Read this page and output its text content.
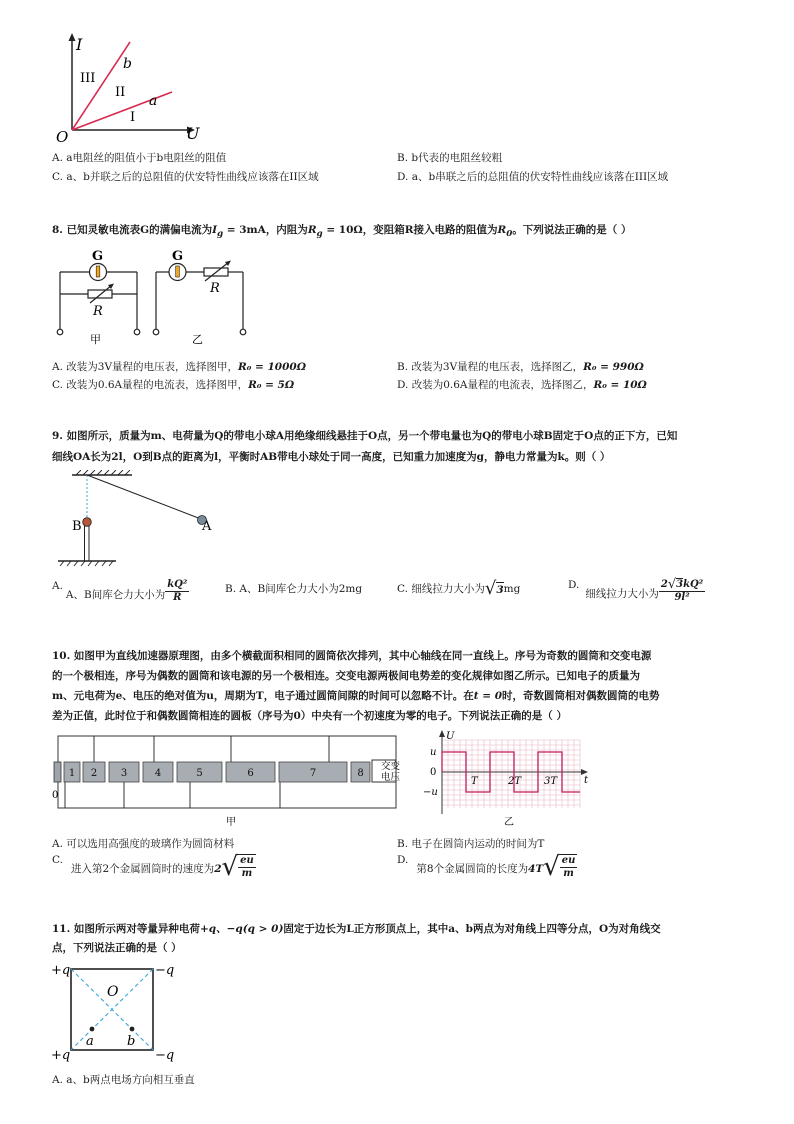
I
U
O
b
a
III
II
I
A. a电阻丝的阻值小于b电阻丝的阻值	B. b代表的电阻丝较粗
C. a、b并联之后的总阻值的伏安特性曲线应该落在II区域	D. a、b串联之后的总阻值的伏安特性曲线应该落在III区域
8. 已知灵敏电流表G的满偏电流为$I_g = 3mA$，内阻为$R_g = 10\Omega$，变阻箱R接入电路的阻值为$R_0$。下列说法正确的是（ ）
G
R
甲
G
R
乙
A. 改装为3V量程的电压表，选择图甲，R₀ = 1000Ω	B. 改装为3V量程的电压表，选择图乙，R₀ = 990Ω
C. 改装为0.6A量程的电流表，选择图甲，R₀ = 5Ω	D. 改装为0.6A量程的电流表，选择图乙，R₀ = 10Ω
9. 如图所示，质量为m、电荷量为Q的带电小球A用绝缘细线悬挂于O点，另一个带电量也为Q的带电小球B固定于O点的正下方，已知
细线OA长为2l，O到B点的距离为l，平衡时AB带电小球处于同一高度，已知重力加速度为g，静电力常量为k。则（ ）
B	A
A.
A、B间库仑力大小为 $\frac{\text{kQ²}}{R}$	B. A、B间库仑力大小为2mg	C. 细线拉力大小为 √ 3 mg	D.
细线拉力大小为 $\frac{\text{2 √ 3 kQ²}}{\text{9l²}}$
10. 如图甲为直线加速器原理图，由多个横截面积相同的圆筒依次排列，其中心轴线在同一直线上。序号为奇数的圆筒和交变电源
的一个极相连，序号为偶数的圆筒和该电源的另一个极相连。交变电源两极间电势差的变化规律如图乙所示。已知电子的质量为
m、元电荷为e、电压的绝对值为u，周期为T，电子通过圆筒间隙的时间可以忽略不计。在t = 0时，奇数圆筒相对偶数圆筒的电势
差为正值，此时位于和偶数圆筒相连的圆板（序号为0）中央有一个初速度为零的电子。下列说法正确的是（ ）
1 2 3	4	5	6	7	8
交变
电压
0
甲
U
t
u
0
−u
T	2T 3T
乙
A. 可以选用高强度的玻璃作为圆筒材料	B. 电子在圆筒内运动的时间为T
C.
进入第2个金属圆筒时的速度为 2 √ $\frac{eu}{m}$	D.
第8个金属圆筒的长度为 4T √ $\frac{eu}{m}$
11. 如图所示两对等量异种电荷+q、−q(q > 0)固定于边长为L正方形顶点上，其中a、b两点为对角线上四等分点，O为对角线交
点，下列说法正确的是（ ）
+q	−q
+q	−q
O
a	b
A. a、b两点电场方向相互垂直
